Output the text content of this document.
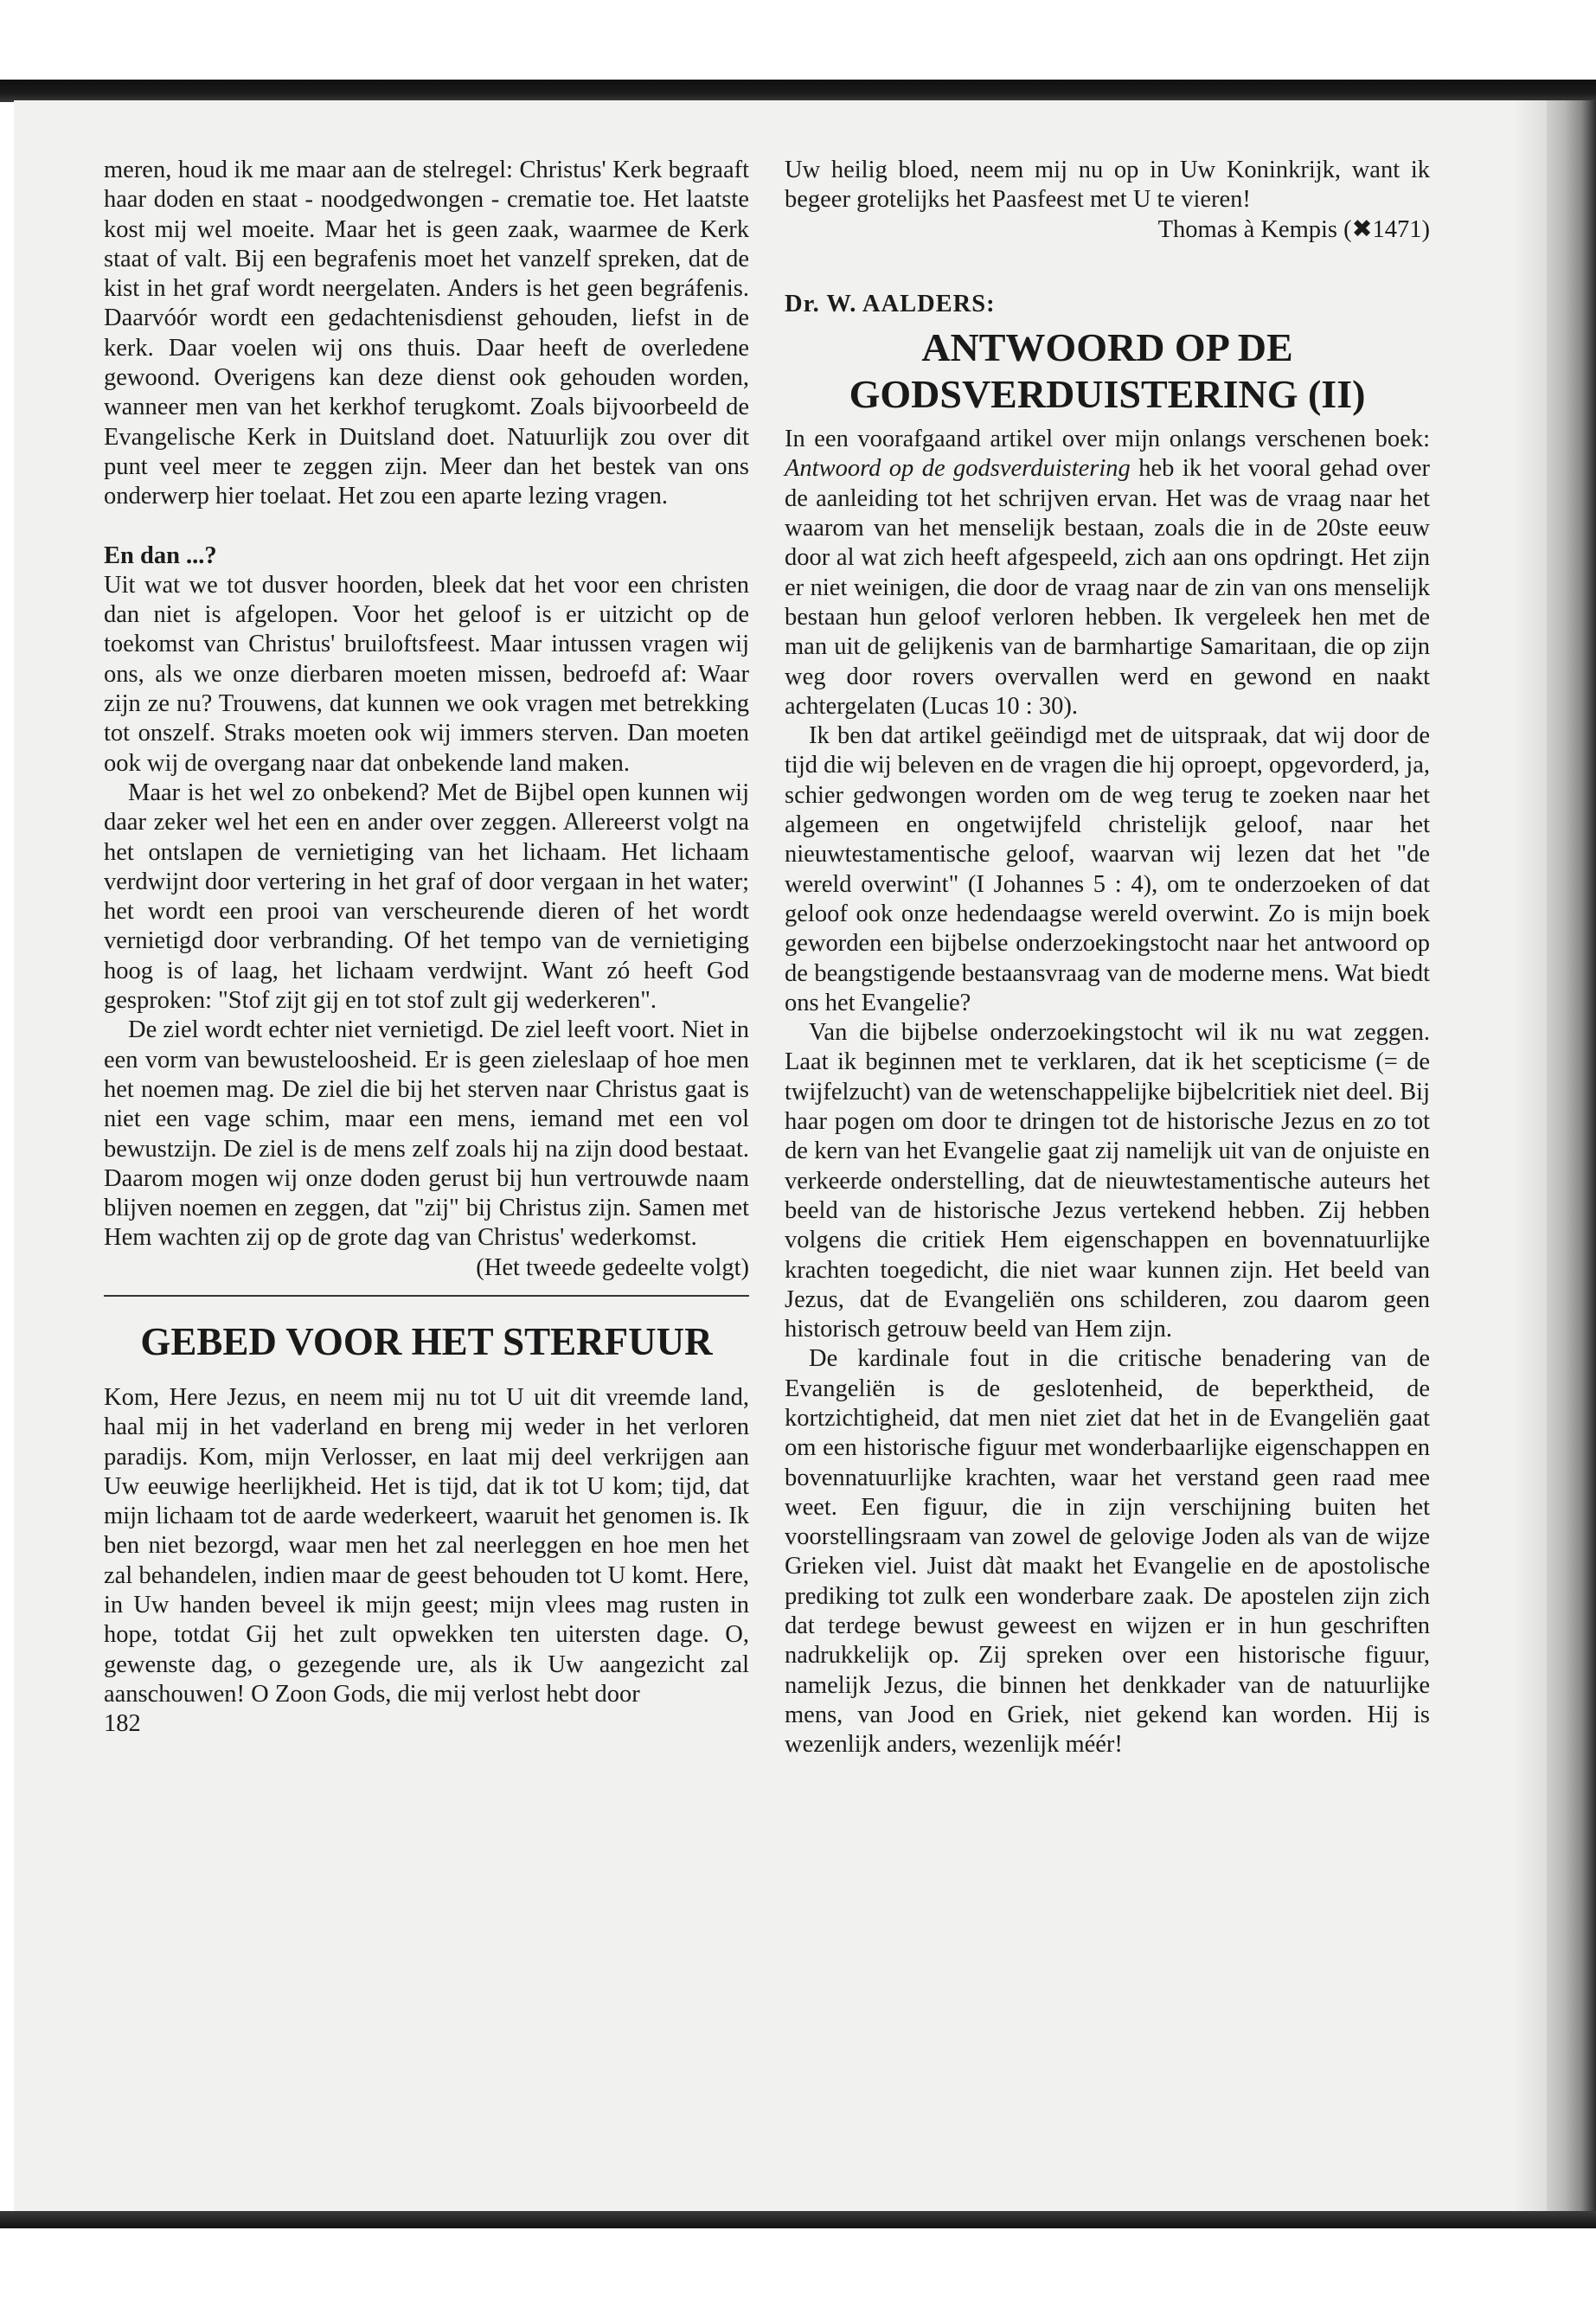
meren, houd ik me maar aan de stelregel: Christus' Kerk begraaft haar doden en staat - noodgedwongen - crematie toe. Het laatste kost mij wel moeite. Maar het is geen zaak, waarmee de Kerk staat of valt. Bij een begrafenis moet het vanzelf spreken, dat de kist in het graf wordt neergelaten. Anders is het geen begráfenis. Daarvóór wordt een gedachtenisdienst gehouden, liefst in de kerk. Daar voelen wij ons thuis. Daar heeft de overledene gewoond. Overigens kan deze dienst ook gehouden worden, wanneer men van het kerkhof terugkomt. Zoals bijvoorbeeld de Evangelische Kerk in Duitsland doet. Natuurlijk zou over dit punt veel meer te zeggen zijn. Meer dan het bestek van ons onderwerp hier toelaat. Het zou een aparte lezing vragen.

En dan ...?

Uit wat we tot dusver hoorden, bleek dat het voor een christen dan niet is afgelopen. Voor het geloof is er uitzicht op de toekomst van Christus' bruiloftsfeest. Maar intussen vragen wij ons, als we onze dierbaren moeten missen, bedroefd af: Waar zijn ze nu? Trouwens, dat kunnen we ook vragen met betrekking tot onszelf. Straks moeten ook wij immers sterven. Dan moeten ook wij de overgang naar dat onbekende land maken.

Maar is het wel zo onbekend? Met de Bijbel open kunnen wij daar zeker wel het een en ander over zeggen. Allereerst volgt na het ontslapen de vernietiging van het lichaam. Het lichaam verdwijnt door vertering in het graf of door vergaan in het water; het wordt een prooi van verscheurende dieren of het wordt vernietigd door verbranding. Of het tempo van de vernietiging hoog is of laag, het lichaam verdwijnt. Want zó heeft God gesproken: "Stof zijt gij en tot stof zult gij wederkeren".

De ziel wordt echter niet vernietigd. De ziel leeft voort. Niet in een vorm van bewusteloosheid. Er is geen zieleslaap of hoe men het noemen mag. De ziel die bij het sterven naar Christus gaat is niet een vage schim, maar een mens, iemand met een vol bewustzijn. De ziel is de mens zelf zoals hij na zijn dood bestaat. Daarom mogen wij onze doden gerust bij hun vertrouwde naam blijven noemen en zeggen, dat "zij" bij Christus zijn. Samen met Hem wachten zij op de grote dag van Christus' wederkomst.

(Het tweede gedeelte volgt)

GEBED VOOR HET STERFUUR

Kom, Here Jezus, en neem mij nu tot U uit dit vreemde land, haal mij in het vaderland en breng mij weder in het verloren paradijs. Kom, mijn Verlosser, en laat mij deel verkrijgen aan Uw eeuwige heerlijkheid. Het is tijd, dat ik tot U kom; tijd, dat mijn lichaam tot de aarde wederkeert, waaruit het genomen is. Ik ben niet bezorgd, waar men het zal neerleggen en hoe men het zal behandelen, indien maar de geest behouden tot U komt. Here, in Uw handen beveel ik mijn geest; mijn vlees mag rusten in hope, totdat Gij het zult opwekken ten uitersten dage. O, gewenste dag, o gezegende ure, als ik Uw aangezicht zal aanschouwen! O Zoon Gods, die mij verlost hebt door

182

Uw heilig bloed, neem mij nu op in Uw Koninkrijk, want ik begeer grotelijks het Paasfeest met U te vieren!

Thomas à Kempis (✖1471)

Dr. W. AALDERS:

ANTWOORD OP DE GODSVERDUISTERING (II)

In een voorafgaand artikel over mijn onlangs verschenen boek: Antwoord op de godsverduistering heb ik het vooral gehad over de aanleiding tot het schrijven ervan. Het was de vraag naar het waarom van het menselijk bestaan, zoals die in de 20ste eeuw door al wat zich heeft afgespeeld, zich aan ons opdringt. Het zijn er niet weinigen, die door de vraag naar de zin van ons menselijk bestaan hun geloof verloren hebben. Ik vergeleek hen met de man uit de gelijkenis van de barmhartige Samaritaan, die op zijn weg door rovers overvallen werd en gewond en naakt achtergelaten (Lucas 10 : 30).

Ik ben dat artikel geëindigd met de uitspraak, dat wij door de tijd die wij beleven en de vragen die hij oproept, opgevorderd, ja, schier gedwongen worden om de weg terug te zoeken naar het algemeen en ongetwijfeld christelijk geloof, naar het nieuwtestamentische geloof, waarvan wij lezen dat het "de wereld overwint" (I Johannes 5 : 4), om te onderzoeken of dat geloof ook onze hedendaagse wereld overwint. Zo is mijn boek geworden een bijbelse onderzoekingstocht naar het antwoord op de beangstigende bestaansvraag van de moderne mens. Wat biedt ons het Evangelie?

Van die bijbelse onderzoekingstocht wil ik nu wat zeggen. Laat ik beginnen met te verklaren, dat ik het scepticisme (= de twijfelzucht) van de wetenschappelijke bijbelcritiek niet deel. Bij haar pogen om door te dringen tot de historische Jezus en zo tot de kern van het Evangelie gaat zij namelijk uit van de onjuiste en verkeerde onderstelling, dat de nieuwtestamentische auteurs het beeld van de historische Jezus vertekend hebben. Zij hebben volgens die critiek Hem eigenschappen en bovennatuurlijke krachten toegedicht, die niet waar kunnen zijn. Het beeld van Jezus, dat de Evangeliën ons schilderen, zou daarom geen historisch getrouw beeld van Hem zijn.

De kardinale fout in die critische benadering van de Evangeliën is de geslotenheid, de beperktheid, de kortzichtigheid, dat men niet ziet dat het in de Evangeliën gaat om een historische figuur met wonderbaarlijke eigenschappen en bovennatuurlijke krachten, waar het verstand geen raad mee weet. Een figuur, die in zijn verschijning buiten het voorstellingsraam van zowel de gelovige Joden als van de wijze Grieken viel. Juist dàt maakt het Evangelie en de apostolische prediking tot zulk een wonderbare zaak. De apostelen zijn zich dat terdege bewust geweest en wijzen er in hun geschriften nadrukkelijk op. Zij spreken over een historische figuur, namelijk Jezus, die binnen het denkkader van de natuurlijke mens, van Jood en Griek, niet gekend kan worden. Hij is wezenlijk anders, wezenlijk méér!
